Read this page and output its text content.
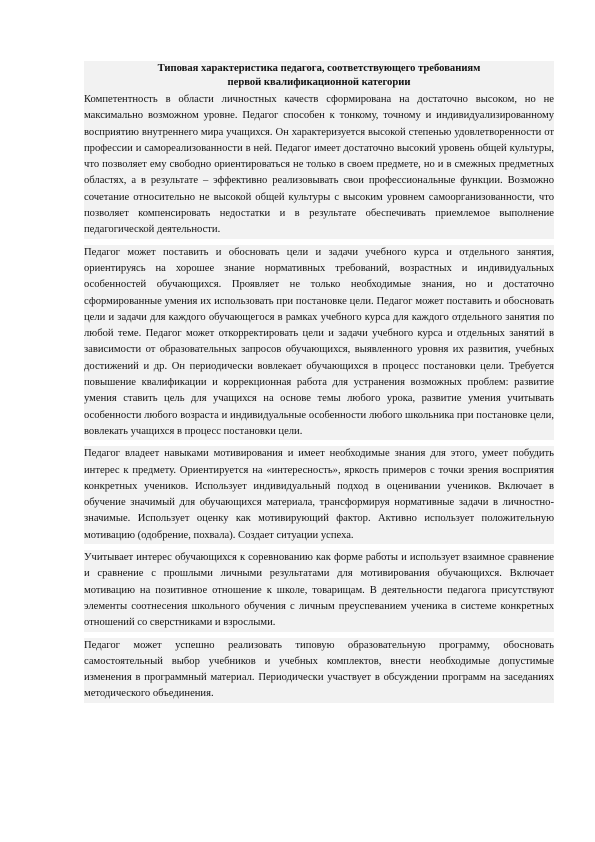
Типовая характеристика педагога, соответствующего требованиям
первой квалификационной категории

Компетентность в области личностных качеств сформирована на достаточно высоком, но не максимально возможном уровне. Педагог способен к тонкому, точному и индивидуализированному восприятию внутреннего мира учащихся. Он характеризуется высокой степенью удовлетворенности от профессии и самореализованности в ней. Педагог имеет достаточно высокий уровень общей культуры, что позволяет ему свободно ориентироваться не только в своем предмете, но и в смежных предметных областях, а в результате – эффективно реализовывать свои профессиональные функции. Возможно сочетание относительно не высокой общей культуры с высоким уровнем самоорганизованности, что позволяет компенсировать недостатки и в результате обеспечивать приемлемое выполнение педагогической деятельности.

Педагог может поставить и обосновать цели и задачи учебного курса и отдельного занятия, ориентируясь на хорошее знание нормативных требований, возрастных и индивидуальных особенностей обучающихся. Проявляет не только необходимые знания, но и достаточно сформированные умения их использовать при постановке цели. Педагог может поставить и обосновать цели и задачи для каждого обучающегося в рамках учебного курса для каждого отдельного занятия по любой теме. Педагог может откорректировать цели и задачи учебного курса и отдельных занятий в зависимости от образовательных запросов обучающихся, выявленного уровня их развития, учебных достижений и др. Он периодически вовлекает обучающихся в процесс постановки цели. Требуется повышение квалификации и коррекционная работа для устранения возможных проблем: развитие умения ставить цель для учащихся на основе темы любого урока, развитие умения учитывать особенности любого возраста и индивидуальные особенности любого школьника при постановке цели, вовлекать учащихся в процесс постановки цели.

Педагог владеет навыками мотивирования и имеет необходимые знания для этого, умеет побудить интерес к предмету. Ориентируется на «интересность», яркость примеров с точки зрения восприятия конкретных учеников. Использует индивидуальный подход в оценивании учеников. Включает в обучение значимый для обучающихся материала, трансформируя нормативные задачи в личностно- значимые. Использует оценку как мотивирующий фактор. Активно использует положительную мотивацию (одобрение, похвала). Создает ситуации успеха.

Учитывает интерес обучающихся к соревнованию как форме работы и использует взаимное сравнение и сравнение с прошлыми личными результатами для мотивирования обучающихся. Включает мотивацию на позитивное отношение к школе, товарищам. В деятельности педагога присутствуют элементы соотнесения школьного обучения с личным преуспеванием ученика в системе конкретных отношений со сверстниками и взрослыми.

Педагог может успешно реализовать типовую образовательную программу, обосновать самостоятельный выбор учебников и учебных комплектов, внести необходимые допустимые изменения в программный материал. Периодически участвует в обсуждении программ на заседаниях методического объединения.
